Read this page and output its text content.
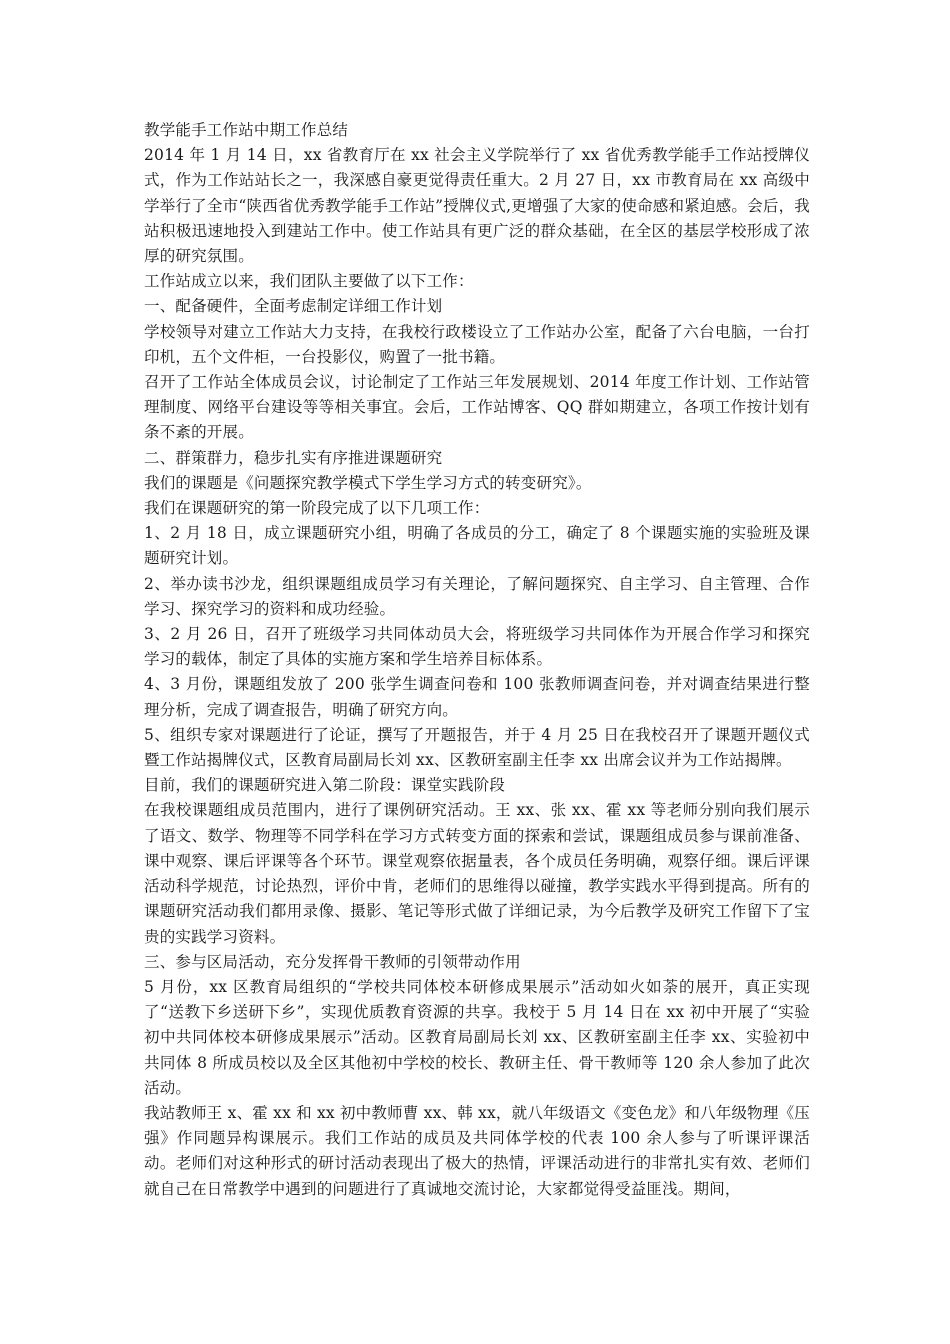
教学能手工作站中期工作总结

2014 年 1 月 14 日，xx 省教育厅在 xx 社会主义学院举行了 xx 省优秀教学能手工作站授牌仪式，作为工作站站长之一，我深感自豪更觉得责任重大。2 月 27 日，xx 市教育局在 xx 高级中学举行了全市“陕西省优秀教学能手工作站”授牌仪式,更增强了大家的使命感和紧迫感。会后，我站积极迅速地投入到建站工作中。使工作站具有更广泛的群众基础，在全区的基层学校形成了浓厚的研究氛围。

工作站成立以来，我们团队主要做了以下工作：

一、配备硬件，全面考虑制定详细工作计划

学校领导对建立工作站大力支持，在我校行政楼设立了工作站办公室，配备了六台电脑，一台打印机，五个文件柜，一台投影仪，购置了一批书籍。

召开了工作站全体成员会议，讨论制定了工作站三年发展规划、2014 年度工作计划、工作站管理制度、网络平台建设等等相关事宜。会后，工作站博客、QQ 群如期建立，各项工作按计划有条不紊的开展。

二、群策群力，稳步扎实有序推进课题研究

我们的课题是《问题探究教学模式下学生学习方式的转变研究》。

我们在课题研究的第一阶段完成了以下几项工作：

1、2 月 18 日，成立课题研究小组，明确了各成员的分工，确定了 8 个课题实施的实验班及课题研究计划。

2、举办读书沙龙，组织课题组成员学习有关理论，了解问题探究、自主学习、自主管理、合作学习、探究学习的资料和成功经验。

3、2 月 26 日，召开了班级学习共同体动员大会，将班级学习共同体作为开展合作学习和探究学习的载体，制定了具体的实施方案和学生培养目标体系。

4、3 月份，课题组发放了 200 张学生调查问卷和 100 张教师调查问卷，并对调查结果进行整理分析，完成了调查报告，明确了研究方向。

5、组织专家对课题进行了论证，撰写了开题报告，并于 4 月 25 日在我校召开了课题开题仪式暨工作站揭牌仪式，区教育局副局长刘 xx、区教研室副主任李 xx 出席会议并为工作站揭牌。

目前，我们的课题研究进入第二阶段：课堂实践阶段

在我校课题组成员范围内，进行了课例研究活动。王 xx、张 xx、霍 xx 等老师分别向我们展示了语文、数学、物理等不同学科在学习方式转变方面的探索和尝试，课题组成员参与课前准备、课中观察、课后评课等各个环节。课堂观察依据量表，各个成员任务明确，观察仔细。课后评课活动科学规范，讨论热烈，评价中肯，老师们的思维得以碰撞，教学实践水平得到提高。所有的课题研究活动我们都用录像、摄影、笔记等形式做了详细记录，为今后教学及研究工作留下了宝贵的实践学习资料。

三、参与区局活动，充分发挥骨干教师的引领带动作用

5 月份，xx 区教育局组织的“学校共同体校本研修成果展示”活动如火如荼的展开，真正实现了“送教下乡送研下乡”，实现优质教育资源的共享。我校于 5 月 14 日在 xx 初中开展了“实验初中共同体校本研修成果展示”活动。区教育局副局长刘 xx、区教研室副主任李 xx、实验初中共同体 8 所成员校以及全区其他初中学校的校长、教研主任、骨干教师等 120 余人参加了此次活动。

我站教师王 x、霍 xx 和 xx 初中教师曹 xx、韩 xx，就八年级语文《变色龙》和八年级物理《压强》作同题异构课展示。我们工作站的成员及共同体学校的代表 100 余人参与了听课评课活动。老师们对这种形式的研讨活动表现出了极大的热情，评课活动进行的非常扎实有效、老师们就自己在日常教学中遇到的问题进行了真诚地交流讨论，大家都觉得受益匪浅。期间，
